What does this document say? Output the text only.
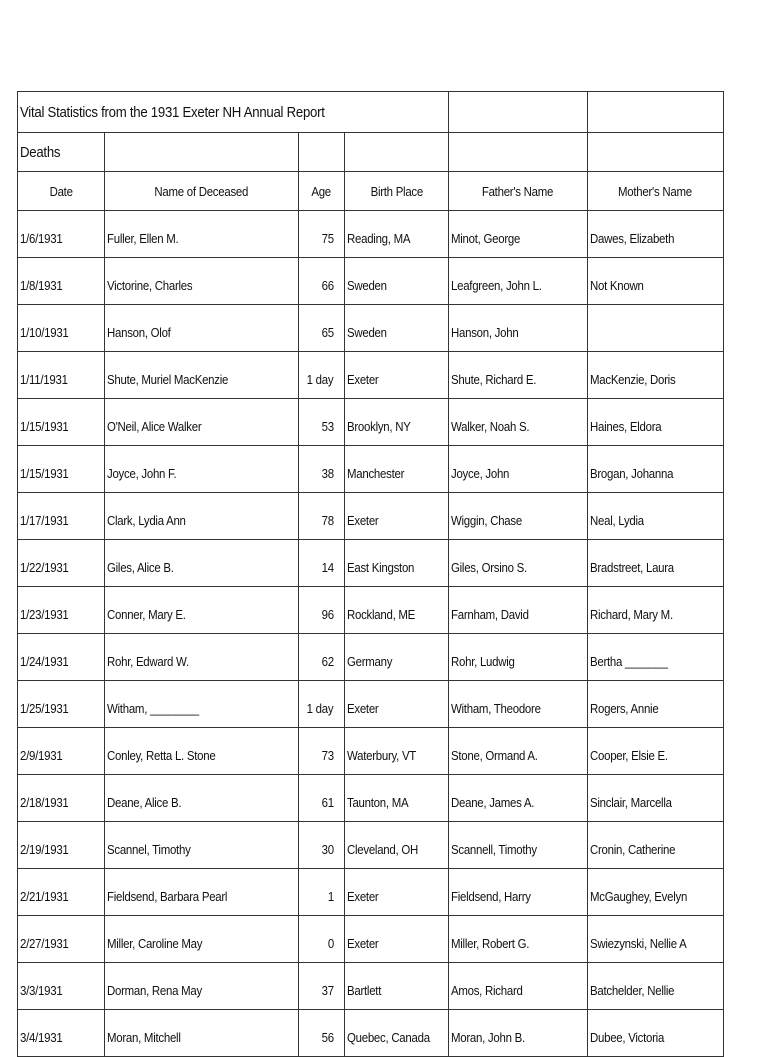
Vital Statistics from the 1931 Exeter NH Annual Report					
Deaths					
Date	Name of Deceased	Age	Birth Place	Father's Name	Mother's Name
1/6/1931	Fuller, Ellen M.	75	Reading, MA	Minot, George	Dawes, Elizabeth
1/8/1931	Victorine, Charles	66	Sweden	Leafgreen, John L.	Not Known
1/10/1931	Hanson, Olof	65	Sweden	Hanson, John	
1/11/1931	Shute, Muriel MacKenzie	1 day	Exeter	Shute, Richard E.	MacKenzie, Doris
1/15/1931	O'Neil, Alice Walker	53	Brooklyn, NY	Walker, Noah S.	Haines, Eldora
1/15/1931	Joyce, John F.	38	Manchester	Joyce, John	Brogan, Johanna
1/17/1931	Clark, Lydia Ann	78	Exeter	Wiggin, Chase	Neal, Lydia
1/22/1931	Giles, Alice B.	14	East Kingston	Giles, Orsino S.	Bradstreet, Laura
1/23/1931	Conner, Mary E.	96	Rockland, ME	Farnham, David	Richard, Mary M.
1/24/1931	Rohr, Edward W.	62	Germany	Rohr, Ludwig	Bertha _______
1/25/1931	Witham, ________	1 day	Exeter	Witham, Theodore	Rogers, Annie
2/9/1931	Conley, Retta L. Stone	73	Waterbury, VT	Stone, Ormand A.	Cooper, Elsie E.
2/18/1931	Deane, Alice B.	61	Taunton, MA	Deane, James A.	Sinclair, Marcella
2/19/1931	Scannel, Timothy	30	Cleveland, OH	Scannell, Timothy	Cronin, Catherine
2/21/1931	Fieldsend, Barbara Pearl	1	Exeter	Fieldsend, Harry	McGaughey, Evelyn
2/27/1931	Miller, Caroline May	0	Exeter	Miller, Robert G.	Swiezynski, Nellie A
3/3/1931	Dorman, Rena May	37	Bartlett	Amos, Richard	Batchelder, Nellie
3/4/1931	Moran, Mitchell	56	Quebec, Canada	Moran, John B.	Dubee, Victoria
